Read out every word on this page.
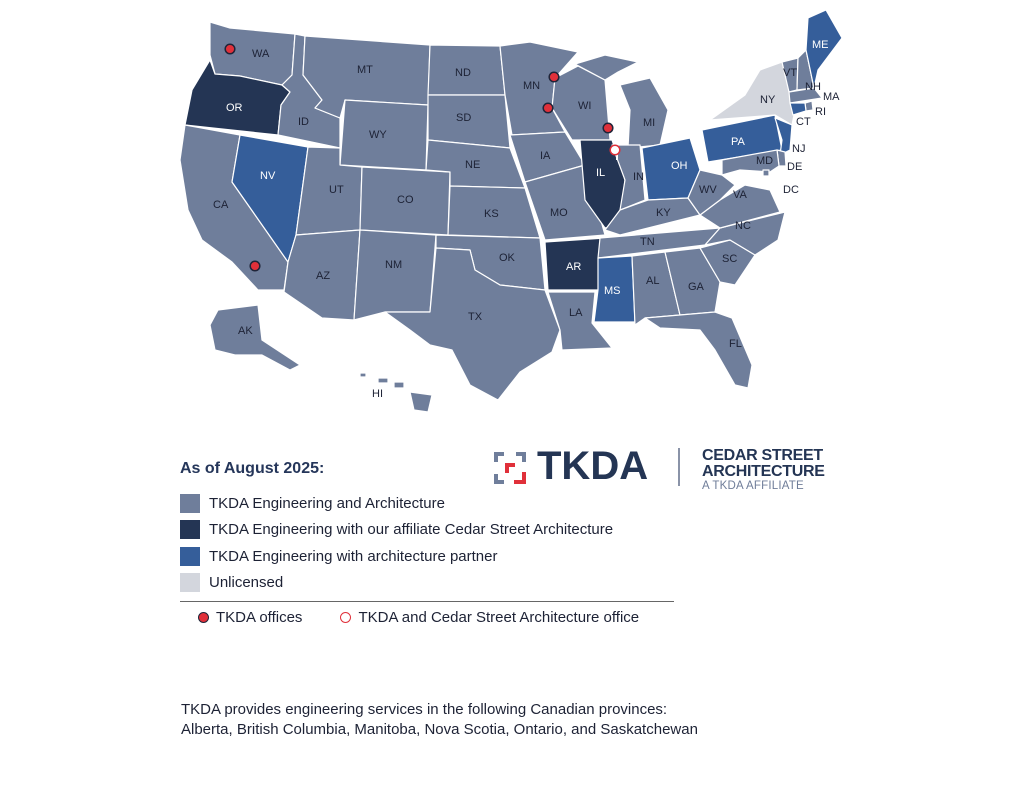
WA
OR
CA
ID
NV
MT
WY
UT
AZ
CO
NM
ND
SD
NE
KS
OK
TX
MN
IA
MO
AR
LA
WI
IL
MI
IN
OH
KY
TN
MS
AL	GA
FL
SC
NC
VA
WV
PA
NY
VT
NH
ME
MA
RI
CT
NJ
DE
MD
DC
AK
HI
TKDA	CEDAR STREET
ARCHITECTURE
A TKDA AFFILIATE
As of August 2025:
TKDA Engineering and Architecture
TKDA Engineering with our affiliate Cedar Street Architecture
TKDA Engineering with architecture partner
Unlicensed
TKDA offices	TKDA and Cedar Street Architecture office
TKDA provides engineering services in the following Canadian provinces:
Alberta, British Columbia, Manitoba, Nova Scotia, Ontario, and Saskatchewan
